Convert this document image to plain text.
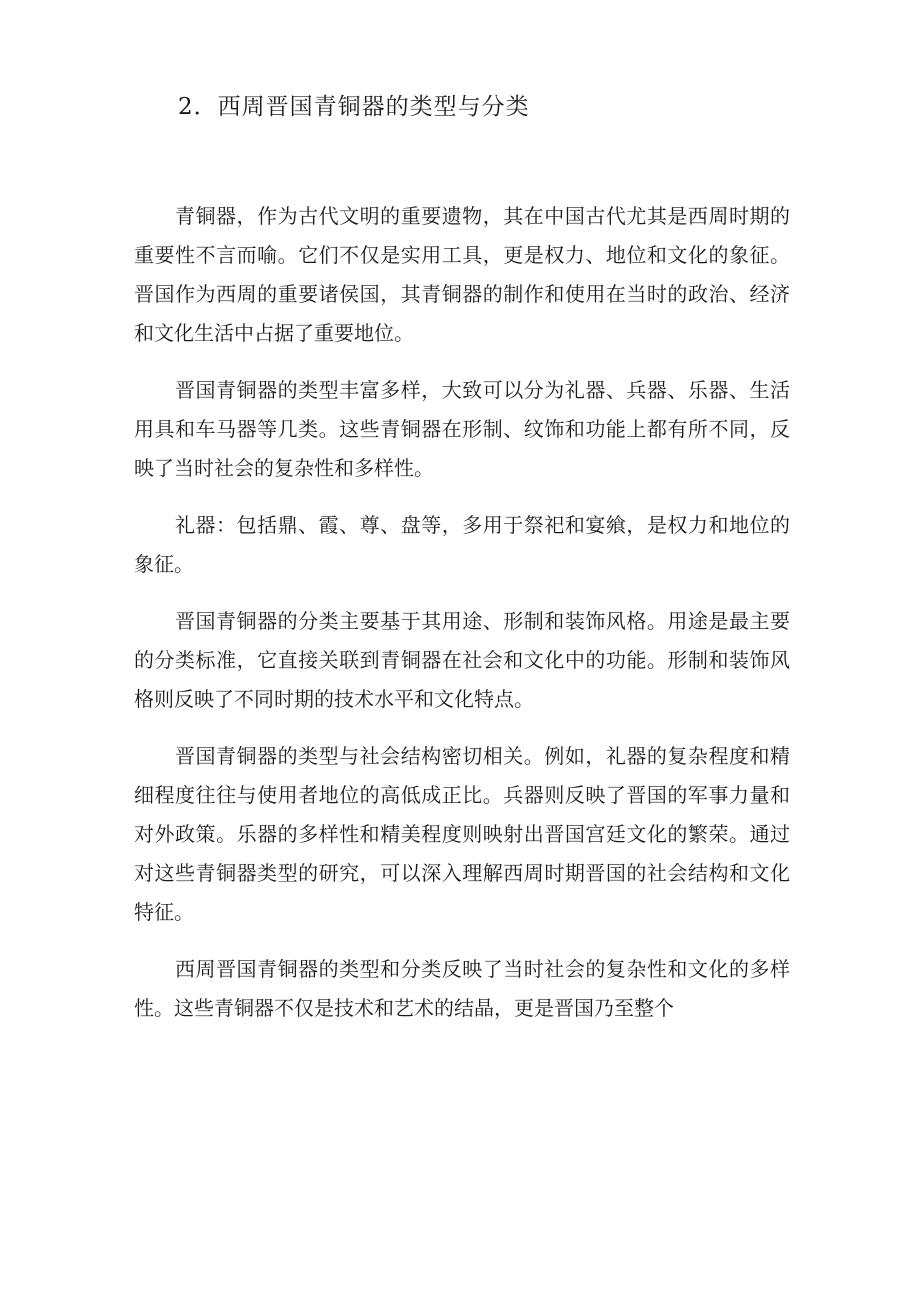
2．西周晋国青铜器的类型与分类

青铜器，作为古代文明的重要遗物，其在中国古代尤其是西周时期的重要性不言而喻。它们不仅是实用工具，更是权力、地位和文化的象征。晋国作为西周的重要诸侯国，其青铜器的制作和使用在当时的政治、经济和文化生活中占据了重要地位。

晋国青铜器的类型丰富多样，大致可以分为礼器、兵器、乐器、生活用具和车马器等几类。这些青铜器在形制、纹饰和功能上都有所不同，反映了当时社会的复杂性和多样性。

礼器：包括鼎、霞、尊、盘等，多用于祭祀和宴飨，是权力和地位的象征。

晋国青铜器的分类主要基于其用途、形制和装饰风格。用途是最主要的分类标准，它直接关联到青铜器在社会和文化中的功能。形制和装饰风格则反映了不同时期的技术水平和文化特点。

晋国青铜器的类型与社会结构密切相关。例如，礼器的复杂程度和精细程度往往与使用者地位的高低成正比。兵器则反映了晋国的军事力量和对外政策。乐器的多样性和精美程度则映射出晋国宫廷文化的繁荣。通过对这些青铜器类型的研究，可以深入理解西周时期晋国的社会结构和文化特征。

西周晋国青铜器的类型和分类反映了当时社会的复杂性和文化的多样性。这些青铜器不仅是技术和艺术的结晶，更是晋国乃至整个
